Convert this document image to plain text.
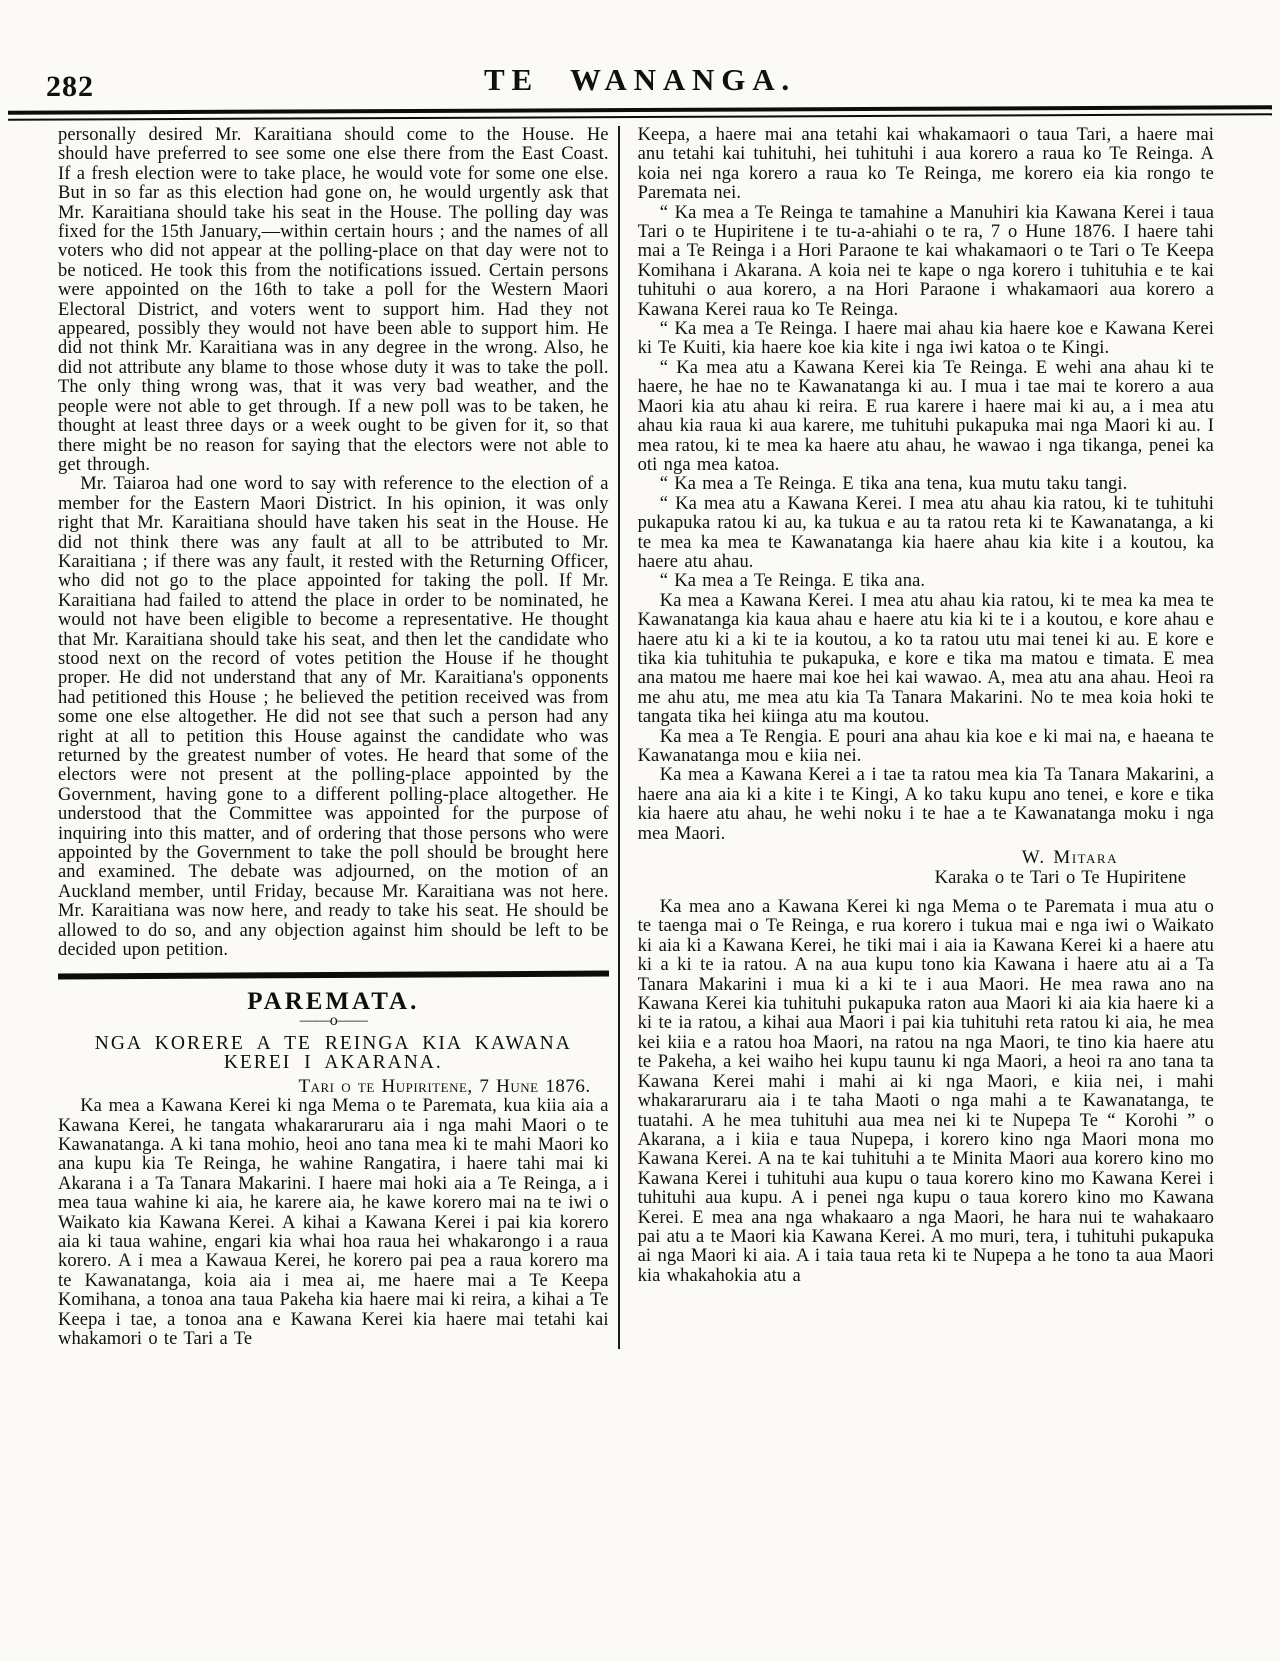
282	TE WANANGA.

personally desired Mr. Karaitiana should come to the House. He should have preferred to see some one else there from the East Coast. If a fresh election were to take place, he would vote for some one else. But in so far as this election had gone on, he would urgently ask that Mr. Karaitiana should take his seat in the House. The polling day was fixed for the 15th January,—within certain hours ; and the names of all voters who did not appear at the polling-place on that day were not to be noticed. He took this from the notifications issued. Certain persons were appointed on the 16th to take a poll for the Western Maori Electoral District, and voters went to support him. Had they not appeared, possibly they would not have been able to support him. He did not think Mr. Karaitiana was in any degree in the wrong. Also, he did not attribute any blame to those whose duty it was to take the poll. The only thing wrong was, that it was very bad weather, and the people were not able to get through. If a new poll was to be taken, he thought at least three days or a week ought to be given for it, so that there might be no reason for saying that the electors were not able to get through.

Mr. Taiaroa had one word to say with reference to the election of a member for the Eastern Maori District. In his opinion, it was only right that Mr. Karaitiana should have taken his seat in the House. He did not think there was any fault at all to be attributed to Mr. Karaitiana ; if there was any fault, it rested with the Returning Officer, who did not go to the place appointed for taking the poll. If Mr. Karaitiana had failed to attend the place in order to be nominated, he would not have been eligible to become a representative. He thought that Mr. Karaitiana should take his seat, and then let the candidate who stood next on the record of votes petition the House if he thought proper. He did not understand that any of Mr. Karaitiana's opponents had petitioned this House ; he believed the petition received was from some one else altogether. He did not see that such a person had any right at all to petition this House against the candidate who was returned by the greatest number of votes. He heard that some of the electors were not present at the polling-place appointed by the Government, having gone to a different polling-place altogether. He understood that the Committee was appointed for the purpose of inquiring into this matter, and of ordering that those persons who were appointed by the Government to take the poll should be brought here and examined. The debate was adjourned, on the motion of an Auckland member, until Friday, because Mr. Karaitiana was not here. Mr. Karaitiana was now here, and ready to take his seat. He should be allowed to do so, and any objection against him should be left to be decided upon petition.

PAREMATA.
——o——
NGA KORERE A TE REINGA KIA KAWANA KEREI I AKARANA.
Tari o te Hupiritene, 7 Hune 1876.

Ka mea a Kawana Kerei ki nga Mema o te Paremata, kua kiia aia a Kawana Kerei, he tangata whakararuraru aia i nga mahi Maori o te Kawanatanga. A ki tana mohio, heoi ano tana mea ki te mahi Maori ko ana kupu kia Te Reinga, he wahine Rangatira, i haere tahi mai ki Akarana i a Ta Tanara Makarini. I haere mai hoki aia a Te Reinga, a i mea taua wahine ki aia, he karere aia, he kawe korero mai na te iwi o Waikato kia Kawana Kerei. A kihai a Kawana Kerei i pai kia korero aia ki taua wahine, engari kia whai hoa raua hei whakarongo i a raua korero. A i mea a Kawaua Kerei, he korero pai pea a raua korero ma te Kawanatanga, koia aia i mea ai, me haere mai a Te Keepa Komihana, a tonoa ana taua Pakeha kia haere mai ki reira, a kihai a Te Keepa i tae, a tonoa ana e Kawana Kerei kia haere mai tetahi kai whakamori o te Tari a Te

Keepa, a haere mai ana tetahi kai whakamaori o taua Tari, a haere mai anu tetahi kai tuhituhi, hei tuhituhi i aua korero a raua ko Te Reinga. A koia nei nga korero a raua ko Te Reinga, me korero eia kia rongo te Paremata nei.

“ Ka mea a Te Reinga te tamahine a Manuhiri kia Kawana Kerei i taua Tari o te Hupiritene i te tu-a-ahiahi o te ra, 7 o Hune 1876. I haere tahi mai a Te Reinga i a Hori Paraone te kai whakamaori o te Tari o Te Keepa Komihana i Akarana. A koia nei te kape o nga korero i tuhituhia e te kai tuhituhi o aua korero, a na Hori Paraone i whakamaori aua korero a Kawana Kerei raua ko Te Reinga.

“ Ka mea a Te Reinga. I haere mai ahau kia haere koe e Kawana Kerei ki Te Kuiti, kia haere koe kia kite i nga iwi katoa o te Kingi.

“ Ka mea atu a Kawana Kerei kia Te Reinga. E wehi ana ahau ki te haere, he hae no te Kawanatanga ki au. I mua i tae mai te korero a aua Maori kia atu ahau ki reira. E rua karere i haere mai ki au, a i mea atu ahau kia raua ki aua karere, me tuhituhi pukapuka mai nga Maori ki au. I mea ratou, ki te mea ka haere atu ahau, he wawao i nga tikanga, penei ka oti nga mea katoa.

“ Ka mea a Te Reinga. E tika ana tena, kua mutu taku tangi.

“ Ka mea atu a Kawana Kerei. I mea atu ahau kia ratou, ki te tuhituhi pukapuka ratou ki au, ka tukua e au ta ratou reta ki te Kawanatanga, a ki te mea ka mea te Kawanatanga kia haere ahau kia kite i a koutou, ka haere atu ahau.

“ Ka mea a Te Reinga. E tika ana.

Ka mea a Kawana Kerei. I mea atu ahau kia ratou, ki te mea ka mea te Kawanatanga kia kaua ahau e haere atu kia ki te i a koutou, e kore ahau e haere atu ki a ki te ia koutou, a ko ta ratou utu mai tenei ki au. E kore e tika kia tuhituhia te pukapuka, e kore e tika ma matou e timata. E mea ana matou me haere mai koe hei kai wawao. A, mea atu ana ahau. Heoi ra me ahu atu, me mea atu kia Ta Tanara Makarini. No te mea koia hoki te tangata tika hei kiinga atu ma koutou.

Ka mea a Te Rengia. E pouri ana ahau kia koe e ki mai na, e haeana te Kawanatanga mou e kiia nei.

Ka mea a Kawana Kerei a i tae ta ratou mea kia Ta Tanara Makarini, a haere ana aia ki a kite i te Kingi, A ko taku kupu ano tenei, e kore e tika kia haere atu ahau, he wehi noku i te hae a te Kawanatanga moku i nga mea Maori.

W. Mitara
Karaka o te Tari o Te Hupiritene

Ka mea ano a Kawana Kerei ki nga Mema o te Paremata i mua atu o te taenga mai o Te Reinga, e rua korero i tukua mai e nga iwi o Waikato ki aia ki a Kawana Kerei, he tiki mai i aia ia Kawana Kerei ki a haere atu ki a ki te ia ratou. A na aua kupu tono kia Kawana i haere atu ai a Ta Tanara Makarini i mua ki a ki te i aua Maori. He mea rawa ano na Kawana Kerei kia tuhituhi pukapuka raton aua Maori ki aia kia haere ki a ki te ia ratou, a kihai aua Maori i pai kia tuhituhi reta ratou ki aia, he mea kei kiia e a ratou hoa Maori, na ratou na nga Maori, te tino kia haere atu te Pakeha, a kei waiho hei kupu taunu ki nga Maori, a heoi ra ano tana ta Kawana Kerei mahi i mahi ai ki nga Maori, e kiia nei, i mahi whakararuraru aia i te taha Maoti o nga mahi a te Kawanatanga, te tuatahi. A he mea tuhituhi aua mea nei ki te Nupepa Te “ Korohi ” o Akarana, a i kiia e taua Nupepa, i korero kino nga Maori mona mo Kawana Kerei. A na te kai tuhituhi a te Minita Maori aua korero kino mo Kawana Kerei i tuhituhi aua kupu o taua korero kino mo Kawana Kerei i tuhituhi aua kupu. A i penei nga kupu o taua korero kino mo Kawana Kerei. E mea ana nga whakaaro a nga Maori, he hara nui te wahakaaro pai atu a te Maori kia Kawana Kerei. A mo muri, tera, i tuhituhi pukapuka ai nga Maori ki aia. A i taia taua reta ki te Nupepa a he tono ta aua Maori kia whakahokia atu a
